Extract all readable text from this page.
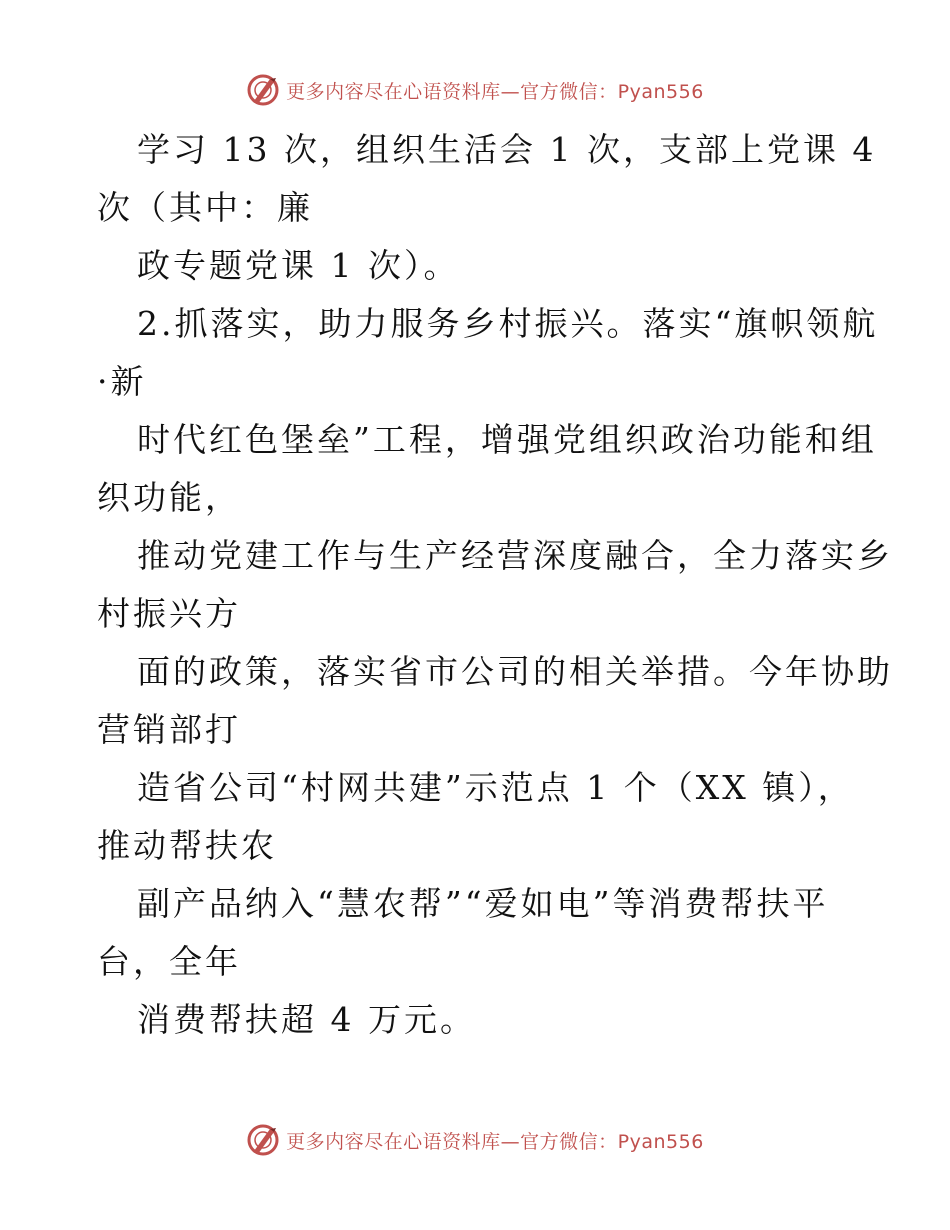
更多内容尽在心语资料库—官方微信：Pyan556
学习 13 次，组织生活会 1 次，支部上党课 4
次（其中：廉
政专题党课 1 次）。
2.抓落实，助力服务乡村振兴。落实“旗帜领航
·新
时代红色堡垒”工程，增强党组织政治功能和组
织功能，
推动党建工作与生产经营深度融合，全力落实乡
村振兴方
面的政策，落实省市公司的相关举措。今年协助
营销部打
造省公司“村网共建”示范点 1 个（XX 镇），
推动帮扶农
副产品纳入“慧农帮”“爱如电”等消费帮扶平
台，全年
消费帮扶超 4 万元。
更多内容尽在心语资料库—官方微信：Pyan556
